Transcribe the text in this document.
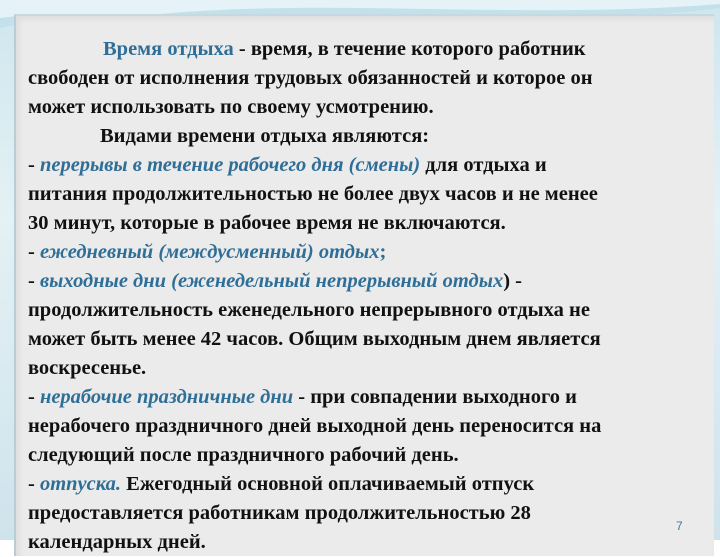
Время отдыха - время, в течение которого работник
свободен от исполнения трудовых обязанностей и которое он
может использовать по своему усмотрению.
Видами времени отдыха являются:
- перерывы в течение рабочего дня (смены) для отдыха и
питания продолжительностью не более двух часов и не менее
30 минут, которые в рабочее время не включаются.
- ежедневный (междусменный) отдых;
- выходные дни (еженедельный непрерывный отдых) -
продолжительность еженедельного непрерывного отдыха не
может быть менее 42 часов. Общим выходным днем является
воскресенье.
- нерабочие праздничные дни - при совпадении выходного и
нерабочего праздничного дней выходной день переносится на
следующий после праздничного рабочий день.
- отпуска. Ежегодный основной оплачиваемый отпуск
предоставляется работникам продолжительностью 28
календарных дней.
7
